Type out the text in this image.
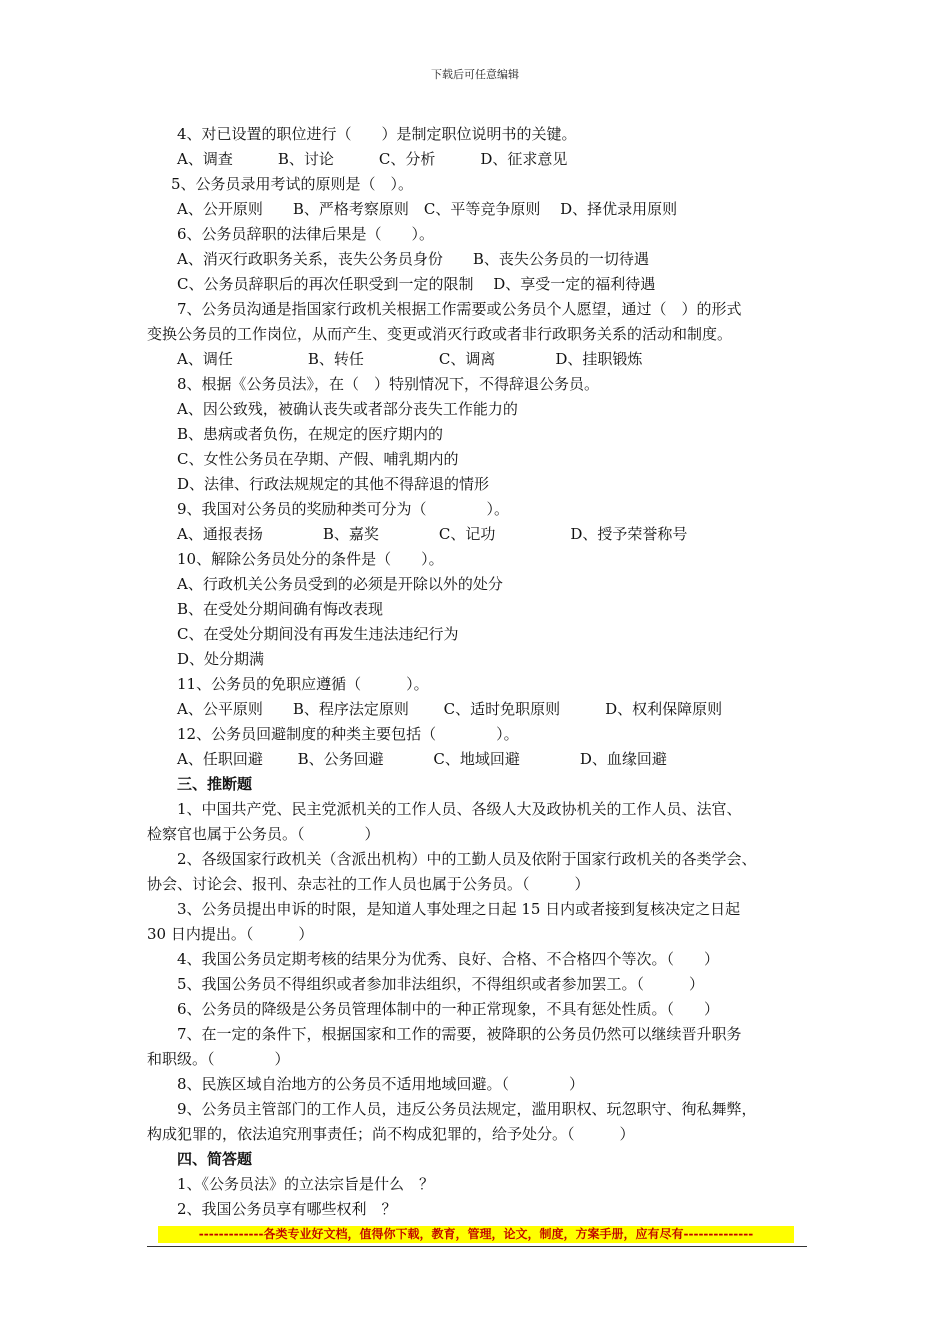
下载后可任意编辑
4、对已设置的职位进行（　　）是制定职位说明书的关键。
A、调查　　　B、讨论　　　C、分析　　　D、征求意见
5、公务员录用考试的原则是（　）。
A、公开原则　　B、严格考察原则　C、平等竞争原则　 D、择优录用原则
6、公务员辞职的法律后果是（　　）。
A、消灭行政职务关系，丧失公务员身份　　B、丧失公务员的一切待遇
C、公务员辞职后的再次任职受到一定的限制　 D、享受一定的福利待遇
7、公务员沟通是指国家行政机关根据工作需要或公务员个人愿望，通过（　）的形式
变换公务员的工作岗位，从而产生、变更或消灭行政或者非行政职务关系的活动和制度。
A、调任　　　　　B、转任　　　　　C、调离　　　　D、挂职锻炼
8、根据《公务员法》，在（　）特别情况下，不得辞退公务员。
A、因公致残，被确认丧失或者部分丧失工作能力的
B、患病或者负伤，在规定的医疗期内的
C、女性公务员在孕期、产假、哺乳期内的
D、法律、行政法规规定的其他不得辞退的情形
9、我国对公务员的奖励种类可分为（　　　　）。
A、通报表扬　　　　B、嘉奖　　　　C、记功　　　　　D、授予荣誉称号
10、解除公务员处分的条件是（　　）。
A、行政机关公务员受到的必须是开除以外的处分
B、在受处分期间确有悔改表现
C、在受处分期间没有再发生违法违纪行为
D、处分期满
11、公务员的免职应遵循（　　　）。
A、公平原则　　B、程序法定原则　　 C、适时免职原则　　　D、权利保障原则
12、公务员回避制度的种类主要包括（　　　　）。
A、任职回避　　 B、公务回避　　　 C、地域回避　　　　D、血缘回避
三、推断题
1、中国共产党、民主党派机关的工作人员、各级人大及政协机关的工作人员、法官、
检察官也属于公务员。（　　　　）
2、各级国家行政机关（含派出机构）中的工勤人员及依附于国家行政机关的各类学会、
协会、讨论会、报刊、杂志社的工作人员也属于公务员。（　　　）
3、公务员提出申诉的时限，是知道人事处理之日起 15 日内或者接到复核决定之日起
30 日内提出。（　　　）
4、我国公务员定期考核的结果分为优秀、良好、合格、不合格四个等次。（　　）
5、我国公务员不得组织或者参加非法组织，不得组织或者参加罢工。（　　　）
6、公务员的降级是公务员管理体制中的一种正常现象，不具有惩处性质。（　　）
7、在一定的条件下，根据国家和工作的需要，被降职的公务员仍然可以继续晋升职务
和职级。（　　　　）
8、民族区域自治地方的公务员不适用地域回避。（　　　　）
9、公务员主管部门的工作人员，违反公务员法规定，滥用职权、玩忽职守、徇私舞弊，
构成犯罪的，依法追究刑事责任；尚不构成犯罪的，给予处分。（　　　）
四、简答题
1、《公务员法》的立法宗旨是什么　？
2、我国公务员享有哪些权利　？
-------------各类专业好文档，值得你下载，教育，管理，论文，制度，方案手册，应有尽有--------------
